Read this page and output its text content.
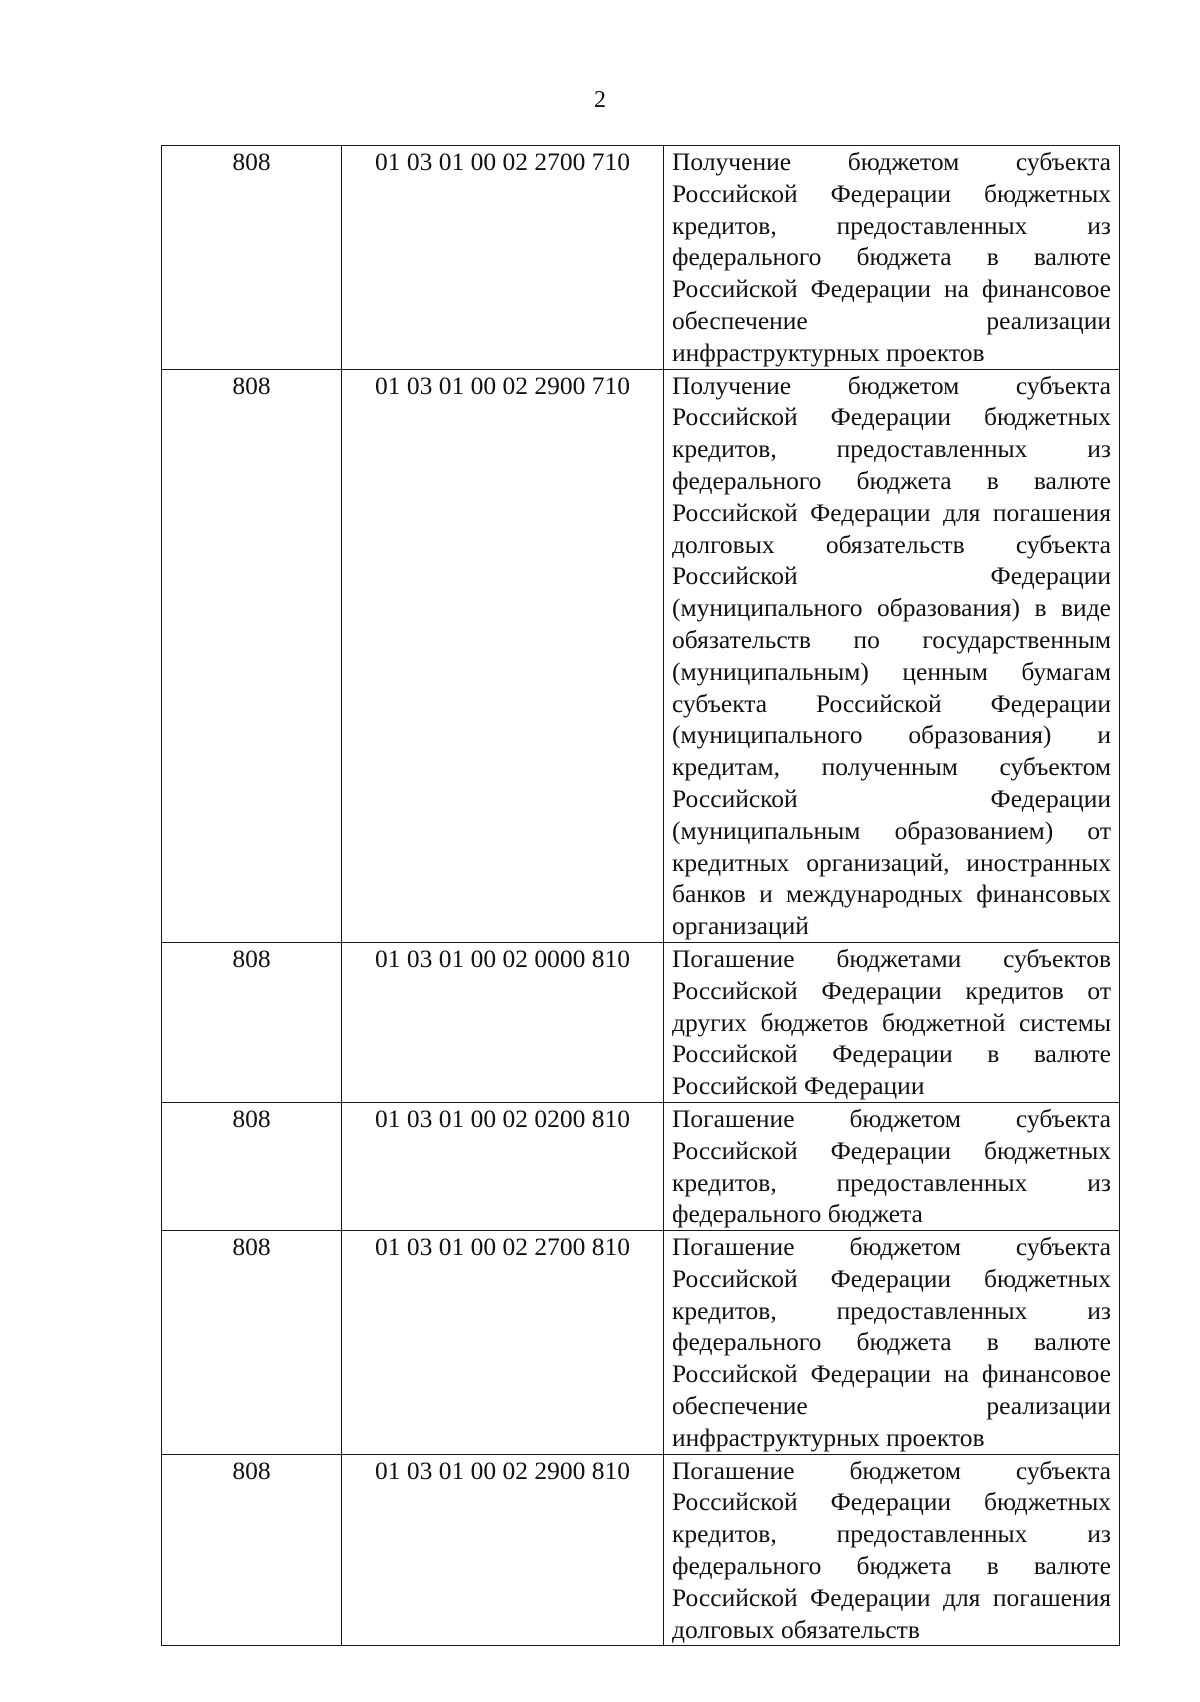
2
808	01 03 01 00 02 2700 710	Получение бюджетом субъекта Российской Федерации бюджетных кредитов, предоставленных из федерального бюджета в валюте Российской Федерации на финансовое обеспечение реализации инфраструктурных проектов
808	01 03 01 00 02 2900 710	Получение бюджетом субъекта Российской Федерации бюджетных кредитов, предоставленных из федерального бюджета в валюте Российской Федерации для погашения долговых обязательств субъекта Российской Федерации (муниципального образования) в виде обязательств по государственным (муниципальным) ценным бумагам субъекта Российской Федерации (муниципального образования) и кредитам, полученным субъектом Российской Федерации (муниципальным образованием) от кредитных организаций, иностранных банков и международных финансовых организаций
808	01 03 01 00 02 0000 810	Погашение бюджетами субъектов Российской Федерации кредитов от других бюджетов бюджетной системы Российской Федерации в валюте Российской Федерации
808	01 03 01 00 02 0200 810	Погашение бюджетом субъекта Российской Федерации бюджетных кредитов, предоставленных из федерального бюджета
808	01 03 01 00 02 2700 810	Погашение бюджетом субъекта Российской Федерации бюджетных кредитов, предоставленных из федерального бюджета в валюте Российской Федерации на финансовое обеспечение реализации инфраструктурных проектов
808	01 03 01 00 02 2900 810	Погашение бюджетом субъекта Российской Федерации бюджетных кредитов, предоставленных из федерального бюджета в валюте Российской Федерации для погашения долговых обязательств
